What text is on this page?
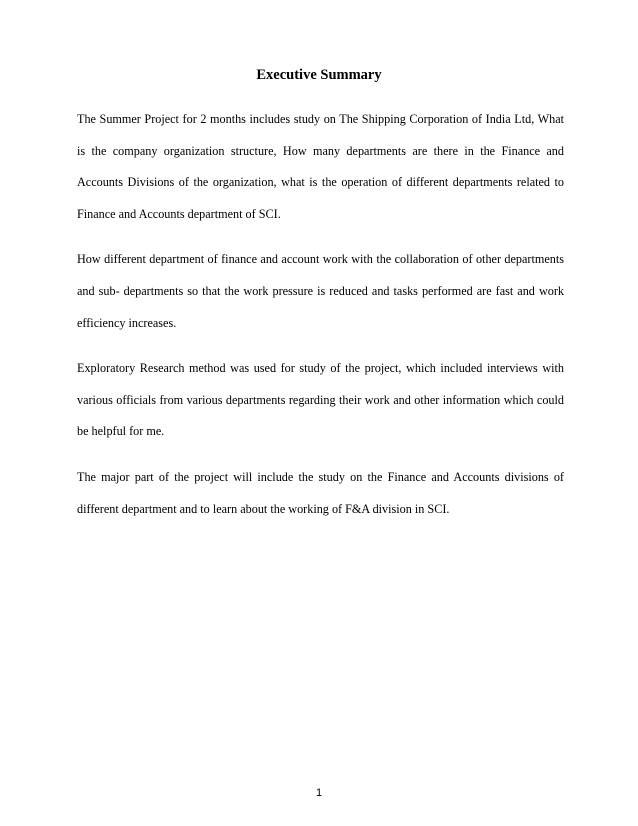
Executive Summary

The Summer Project for 2 months includes study on The Shipping Corporation of India Ltd, What is the company organization structure, How many departments are there in the Finance and Accounts Divisions of the organization, what is the operation of different departments related to Finance and Accounts department of SCI.

How different department of finance and account work with the collaboration of other departments and sub- departments so that the work pressure is reduced and tasks performed are fast and work efficiency increases.

Exploratory Research method was used for study of the project, which included interviews with various officials from various departments regarding their work and other information which could be helpful for me.

The major part of the project will include the study on the Finance and Accounts divisions of different department and to learn about the working of F&A division in SCI.

1
